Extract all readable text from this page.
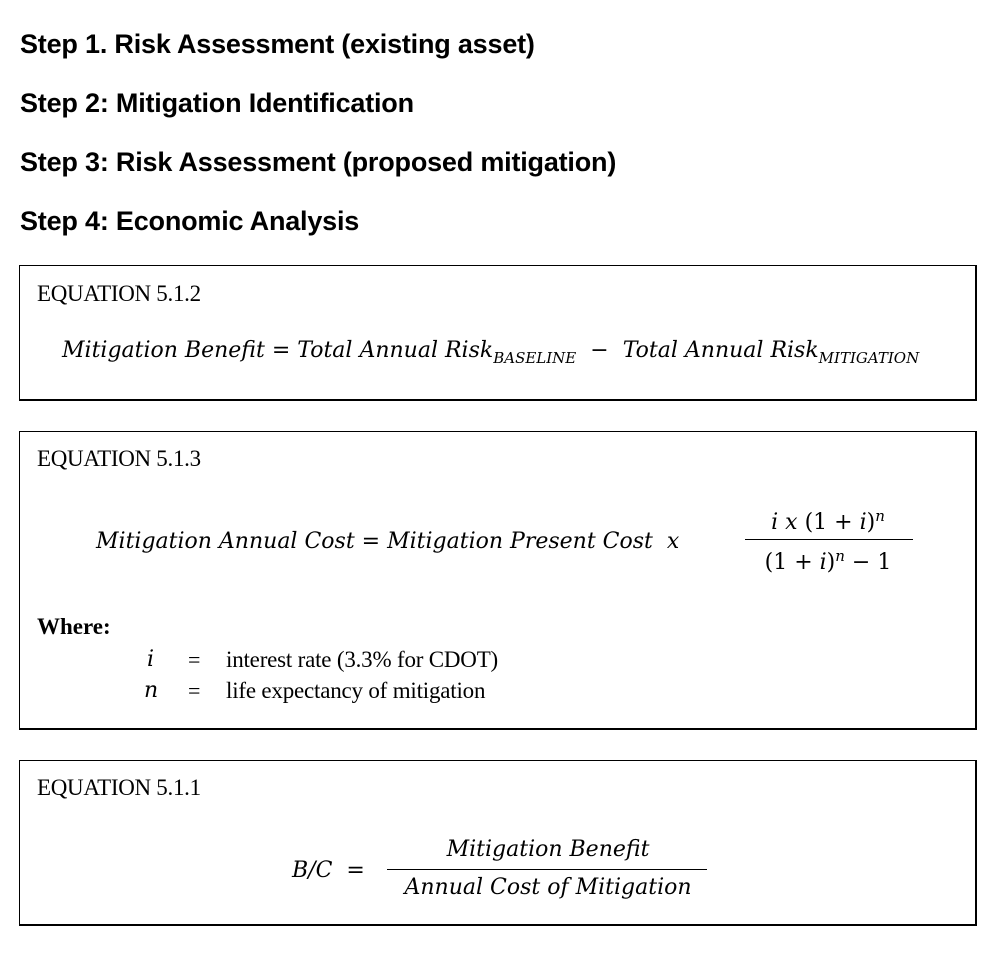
Step 1. Risk Assessment (existing asset)
Step 2: Mitigation Identification
Step 3: Risk Assessment (proposed mitigation)
Step 4: Economic Analysis
EQUATION 5.1.2
Mitigation Benefit = Total Annual Risk$_{BASELINE}$ − Total Annual Risk$_{MITIGATION}$
EQUATION 5.1.3
Mitigation Annual Cost = Mitigation Present Cost x
i x $(1 + i)^n$
$(1 + i)^n - 1$
Where:
i = interest rate (3.3% for CDOT)
n = life expectancy of mitigation
EQUATION 5.1.1
B/C =
Mitigation Benefit
Annual Cost of Mitigation
